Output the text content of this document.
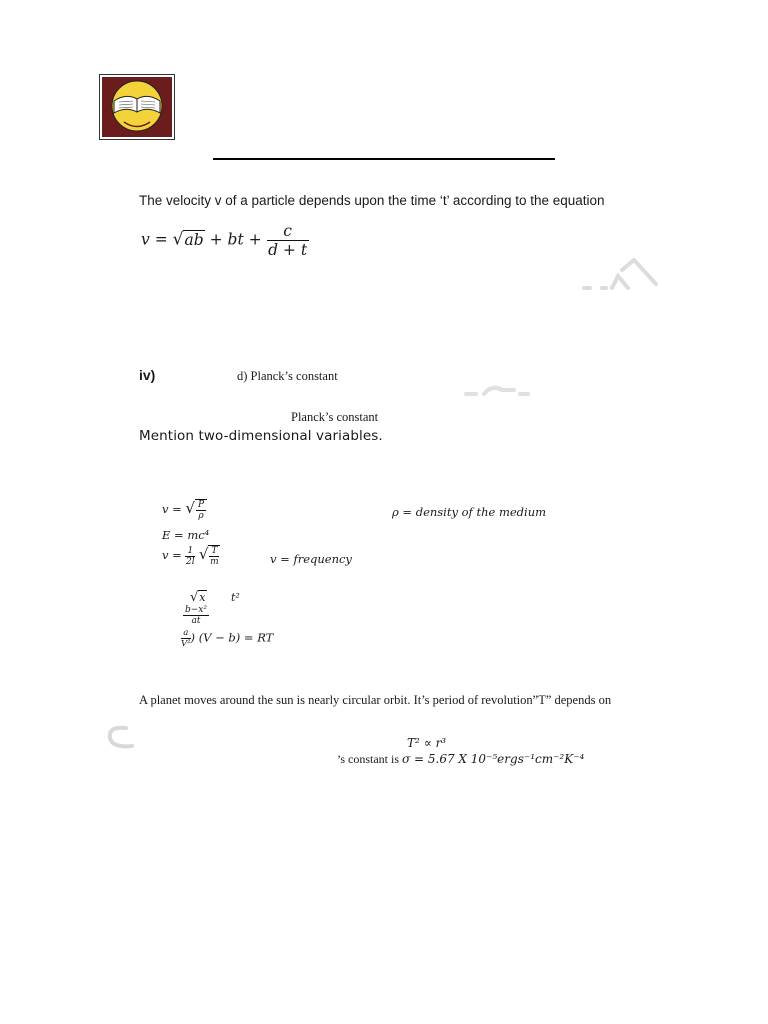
The velocity v of a particle depends upon the time ‘t’ according to the equation
v = √ab + bt + $\frac{c}{d + t}$
iv)	d) Planck’s constant
Planck’s constant
Mention two-dimensional variables.
v = √ $\frac{P}{\rho}$	ρ = density of the medium
E = mc⁴
$v = \frac{1}{2l}$ √ $\frac{T}{m}$	v = frequency
√x t²
$\frac{\text{b−x²}}{at}$
$\frac{a}{\text{V²}}$ ) (V − b) = RT
A planet moves around the sun is nearly circular orbit. It’s period of revolution”T” depends on
T² ∝ r³
’s constant is σ = 5.67 X 10⁻⁵ergs⁻¹cm⁻²K⁻⁴
